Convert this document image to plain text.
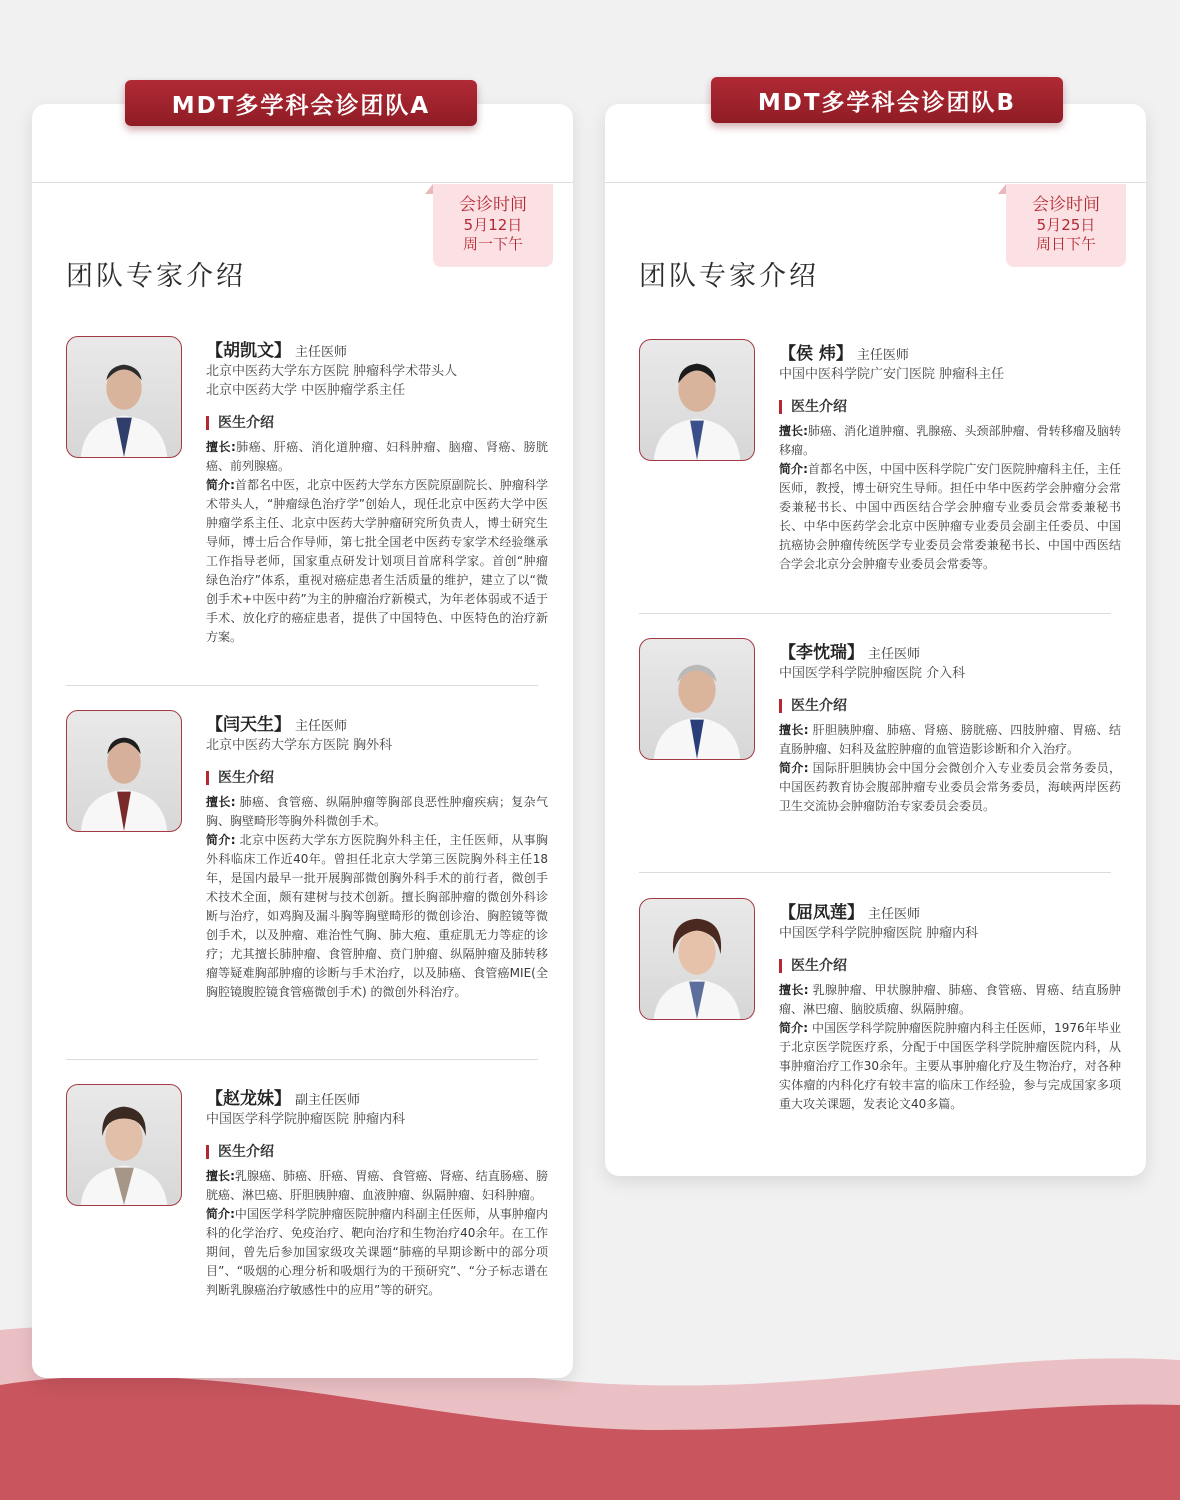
MDT多学科会诊团队A	MDT多学科会诊团队B
会诊时间
5月12日
周一下午
团队专家介绍
【胡凯文】 主任医师
北京中医药大学东方医院 肿瘤科学术带头人
北京中医药大学 中医肿瘤学系主任
医生介绍
擅长:肺癌、肝癌、消化道肿瘤、妇科肿瘤、脑瘤、肾癌、膀胱癌、前列腺癌。
简介:首都名中医，北京中医药大学东方医院原副院长、肿瘤科学术带头人，“肿瘤绿色治疗学”创始人，现任北京中医药大学中医肿瘤学系主任、北京中医药大学肿瘤研究所负责人，博士研究生导师，博士后合作导师，第七批全国老中医药专家学术经验继承工作指导老师，国家重点研发计划项目首席科学家。首创“肿瘤绿色治疗”体系，重视对癌症患者生活质量的维护，建立了以“微创手术+中医中药”为主的肿瘤治疗新模式，为年老体弱或不适于手术、放化疗的癌症患者，提供了中国特色、中医特色的治疗新方案。
【闫天生】 主任医师
北京中医药大学东方医院 胸外科
医生介绍
擅长: 肺癌、食管癌、纵隔肿瘤等胸部良恶性肿瘤疾病；复杂气胸、胸壁畸形等胸外科微创手术。
简介: 北京中医药大学东方医院胸外科主任，主任医师，从事胸外科临床工作近40年。曾担任北京大学第三医院胸外科主任18年，是国内最早一批开展胸部微创胸外科手术的前行者，微创手术技术全面，颇有建树与技术创新。擅长胸部肿瘤的微创外科诊断与治疗，如鸡胸及漏斗胸等胸壁畸形的微创诊治、胸腔镜等微创手术，以及肿瘤、难治性气胸、肺大疱、重症肌无力等症的诊疗；尤其擅长肺肿瘤、食管肿瘤、贲门肿瘤、纵隔肿瘤及肺转移瘤等疑难胸部肿瘤的诊断与手术治疗，以及肺癌、食管癌MIE(全胸腔镜腹腔镜食管癌微创手术) 的微创外科治疗。
【赵龙妹】 副主任医师
中国医学科学院肿瘤医院 肿瘤内科
医生介绍
擅长:乳腺癌、肺癌、肝癌、胃癌、食管癌、肾癌、结直肠癌、膀胱癌、淋巴癌、肝胆胰肿瘤、血液肿瘤、纵隔肿瘤、妇科肿瘤。
简介:中国医学科学院肿瘤医院肿瘤内科副主任医师，从事肿瘤内科的化学治疗、免疫治疗、靶向治疗和生物治疗40余年。在工作期间，曾先后参加国家级攻关课题“肺癌的早期诊断中的部分项目”、“吸烟的心理分析和吸烟行为的干预研究”、“分子标志谱在判断乳腺癌治疗敏感性中的应用”等的研究。
会诊时间
5月25日
周日下午
团队专家介绍
【侯 炜】 主任医师
中国中医科学院广安门医院 肿瘤科主任
医生介绍
擅长:肺癌、消化道肿瘤、乳腺癌、头颈部肿瘤、骨转移瘤及脑转移瘤。
简介:首都名中医，中国中医科学院广安门医院肿瘤科主任，主任医师，教授，博士研究生导师。担任中华中医药学会肿瘤分会常委兼秘书长、中国中西医结合学会肿瘤专业委员会常委兼秘书长、中华中医药学会北京中医肿瘤专业委员会副主任委员、中国抗癌协会肿瘤传统医学专业委员会常委兼秘书长、中国中西医结合学会北京分会肿瘤专业委员会常委等。
【李忱瑞】 主任医师
中国医学科学院肿瘤医院 介入科
医生介绍
擅长: 肝胆胰肿瘤、肺癌、肾癌、膀胱癌、四肢肿瘤、胃癌、结直肠肿瘤、妇科及盆腔肿瘤的血管造影诊断和介入治疗。
简介: 国际肝胆胰协会中国分会微创介入专业委员会常务委员，中国医药教育协会腹部肿瘤专业委员会常务委员，海峡两岸医药卫生交流协会肿瘤防治专家委员会委员。
【屈凤莲】 主任医师
中国医学科学院肿瘤医院 肿瘤内科
医生介绍
擅长: 乳腺肿瘤、甲状腺肿瘤、肺癌、食管癌、胃癌、结直肠肿瘤、淋巴瘤、脑胶质瘤、纵隔肿瘤。
简介: 中国医学科学院肿瘤医院肿瘤内科主任医师，1976年毕业于北京医学院医疗系，分配于中国医学科学院肿瘤医院内科，从事肿瘤治疗工作30余年。主要从事肿瘤化疗及生物治疗，对各种实体瘤的内科化疗有较丰富的临床工作经验，参与完成国家多项重大攻关课题，发表论文40多篇。
